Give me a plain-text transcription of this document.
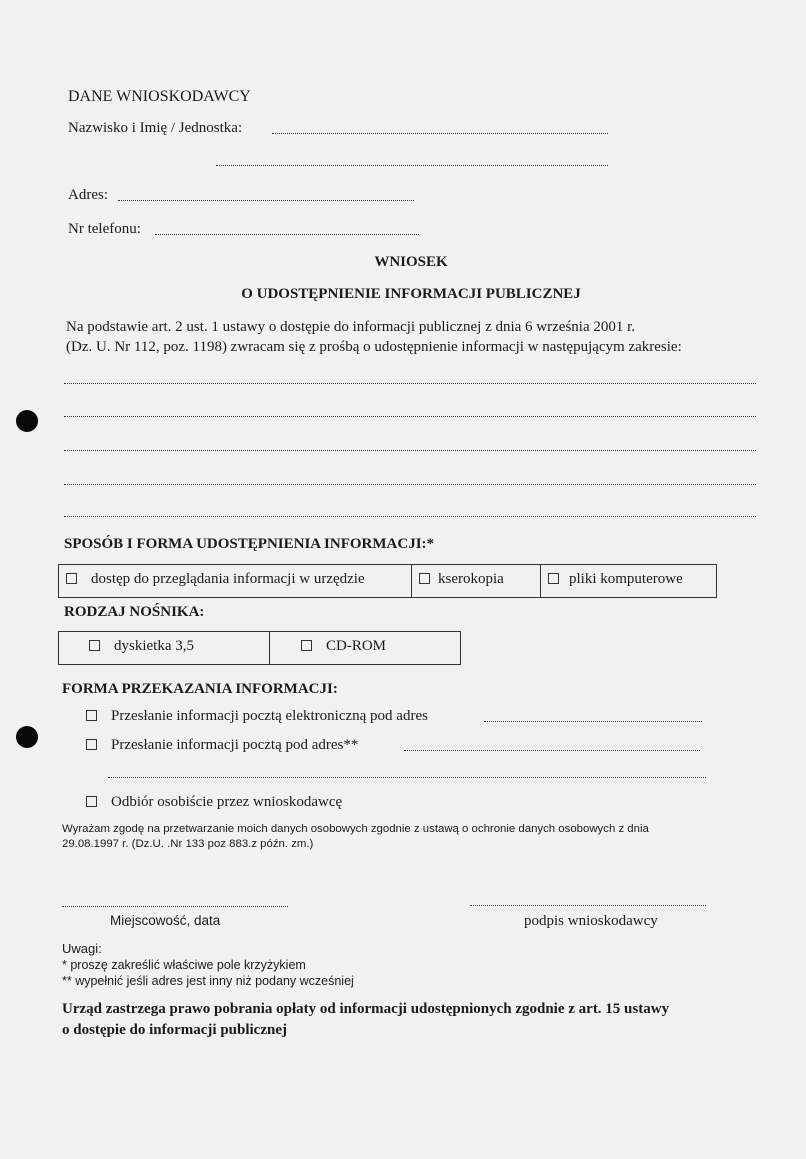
DANE WNIOSKODAWCY
Nazwisko i Imię / Jednostka:
Adres:
Nr telefonu:
WNIOSEK
O UDOSTĘPNIENIE INFORMACJI PUBLICZNEJ
Na podstawie art. 2 ust. 1 ustawy o dostępie do informacji publicznej z dnia 6 września 2001 r.
(Dz. U. Nr 112, poz. 1198) zwracam się z prośbą o udostępnienie informacji w następującym zakresie:
SPOSÓB I FORMA UDOSTĘPNIENIA INFORMACJI:*
dostęp do przeglądania informacji w urzędzie	kserokopia	pliki komputerowe
RODZAJ NOŚNIKA:
dyskietka 3,5	CD-ROM
FORMA PRZEKAZANIA INFORMACJI:
Przesłanie informacji pocztą elektroniczną pod adres
Przesłanie informacji pocztą pod adres**
Odbiór osobiście przez wnioskodawcę
Wyrażam zgodę na przetwarzanie moich danych osobowych zgodnie z ustawą o ochronie danych osobowych z dnia
29.08.1997 r. (Dz.U. .Nr 133 poz 883.z późn. zm.)
Miejscowość, data	podpis wnioskodawcy
Uwagi:
* proszę zakreślić właściwe pole krzyżykiem
** wypełnić jeśli adres jest inny niż podany wcześniej
Urząd zastrzega prawo pobrania opłaty od informacji udostępnionych zgodnie z art. 15 ustawy
o dostępie do informacji publicznej
